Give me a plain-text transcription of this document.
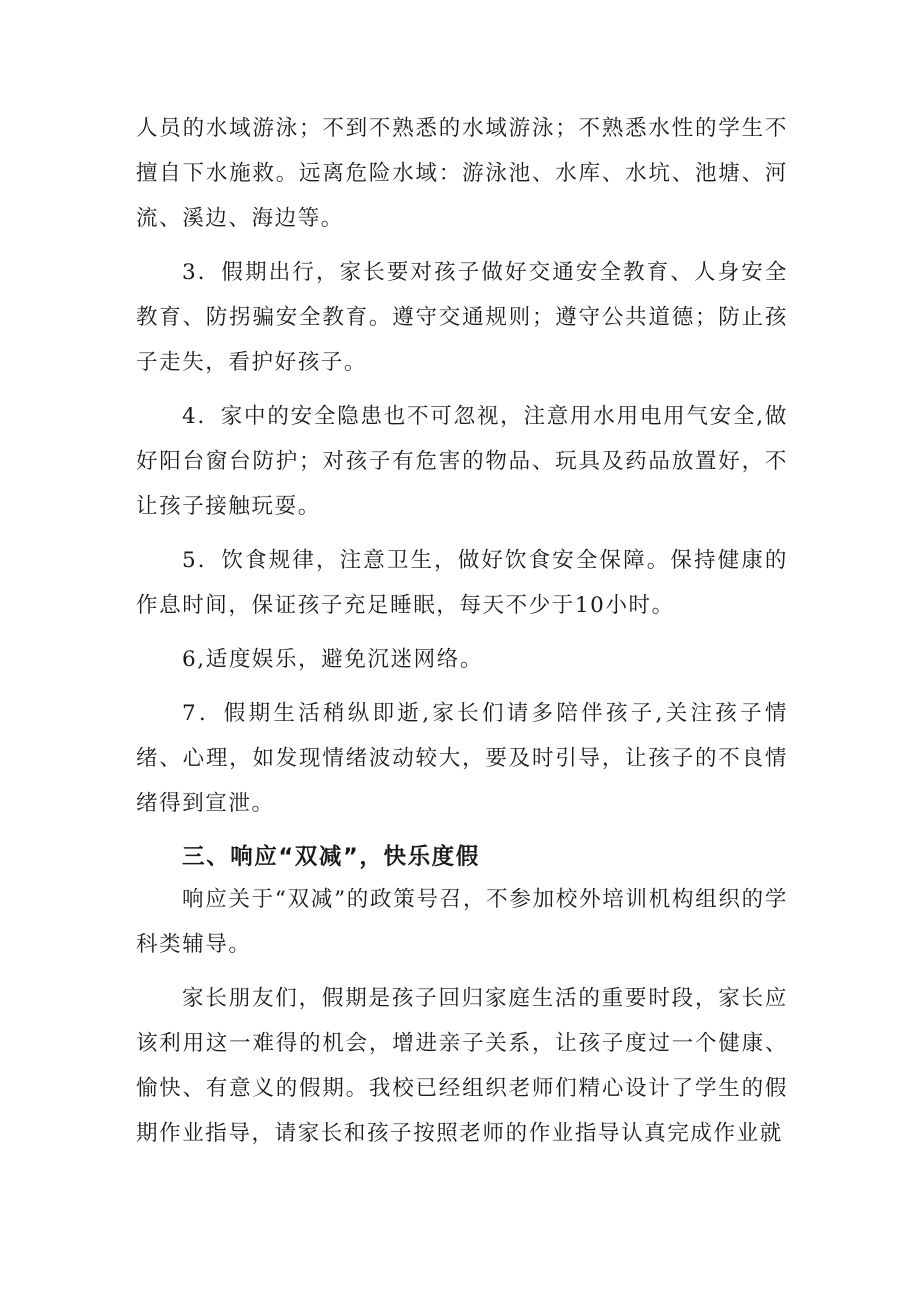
人员的水域游泳；不到不熟悉的水域游泳；不熟悉水性的学生不擅自下水施救。远离危险水域：游泳池、水库、水坑、池塘、河流、溪边、海边等。

3．假期出行，家长要对孩子做好交通安全教育、人身安全教育、防拐骗安全教育。遵守交通规则；遵守公共道德；防止孩子走失，看护好孩子。

4．家中的安全隐患也不可忽视，注意用水用电用气安全,做好阳台窗台防护；对孩子有危害的物品、玩具及药品放置好，不让孩子接触玩耍。

5．饮食规律，注意卫生，做好饮食安全保障。保持健康的作息时间，保证孩子充足睡眠，每天不少于10小时。

6,适度娱乐，避免沉迷网络。

7．假期生活稍纵即逝,家长们请多陪伴孩子,关注孩子情绪、心理，如发现情绪波动较大，要及时引导，让孩子的不良情绪得到宣泄。

三、响应“双减”，快乐度假

响应关于“双减”的政策号召，不参加校外培训机构组织的学科类辅导。

家长朋友们，假期是孩子回归家庭生活的重要时段，家长应该利用这一难得的机会，增进亲子关系，让孩子度过一个健康、愉快、有意义的假期。我校已经组织老师们精心设计了学生的假期作业指导，请家长和孩子按照老师的作业指导认真完成作业就
